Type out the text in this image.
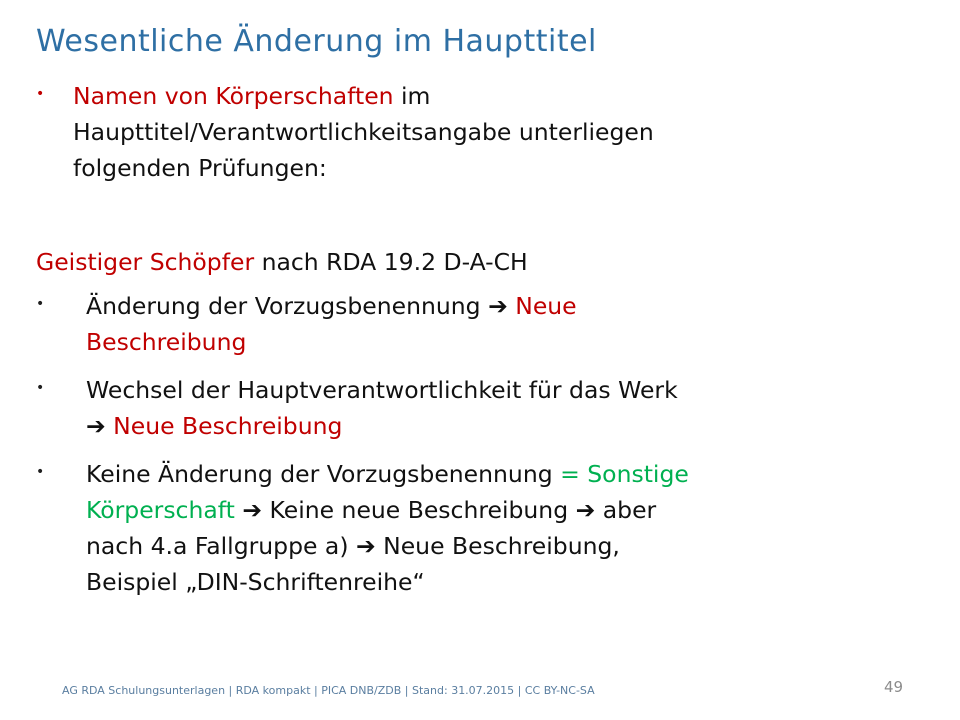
Wesentliche Änderung im Haupttitel
• Namen von Körperschaften im
Haupttitel/Verantwortlichkeitsangabe unterliegen
folgenden Prüfungen:
Geistiger Schöpfer nach RDA 19.2 D-A-CH
• Änderung der Vorzugsbenennung ➔ Neue
Beschreibung
• Wechsel der Hauptverantwortlichkeit für das Werk
➔ Neue Beschreibung
• Keine Änderung der Vorzugsbenennung = Sonstige
Körperschaft ➔ Keine neue Beschreibung ➔ aber
nach 4.a Fallgruppe a) ➔ Neue Beschreibung,
Beispiel „DIN-Schriftenreihe“
AG RDA Schulungsunterlagen | RDA kompakt | PICA DNB/ZDB | Stand: 31.07.2015 | CC BY-NC-SA	49
